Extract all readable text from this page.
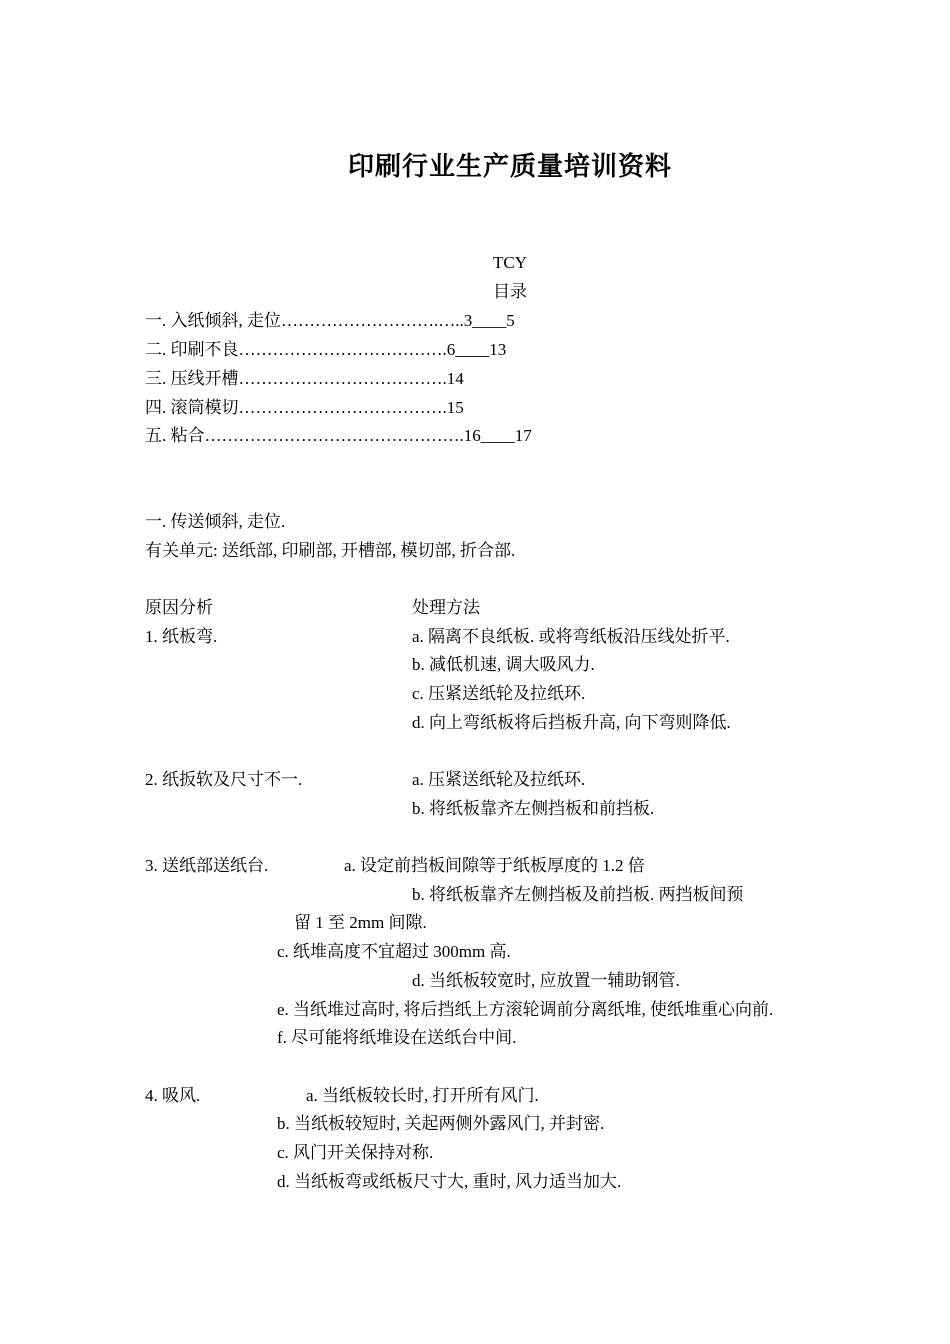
印刷行业生产质量培训资料
TCY
目录
一. 入纸倾斜, 走位……………………….…..3____5
二. 印刷不良……………………………….6____13
三. 压线开槽……………………………….14
四. 滚筒模切……………………………….15
五. 粘合……………………………………….16____17
一. 传送倾斜, 走位.
有关单元: 送纸部, 印刷部, 开槽部, 模切部, 折合部.
原因分析	处理方法
1. 纸板弯.	a. 隔离不良纸板. 或将弯纸板沿压线处折平.
b. 减低机速, 调大吸风力.
c. 压紧送纸轮及拉纸环.
d. 向上弯纸板将后挡板升高, 向下弯则降低.
2. 纸扳软及尺寸不一.	a. 压紧送纸轮及拉纸环.
b. 将纸板靠齐左侧挡板和前挡板.
3. 送纸部送纸台.	a. 设定前挡板间隙等于纸板厚度的 1.2 倍
b. 将纸板靠齐左侧挡板及前挡板. 两挡板间预
留 1 至 2mm 间隙.
c. 纸堆高度不宜超过 300mm 高.
d. 当纸板较宽时, 应放置一辅助钢管.
e. 当纸堆过高时, 将后挡纸上方滚轮调前分离纸堆, 使纸堆重心向前.
f. 尽可能将纸堆设在送纸台中间.
4. 吸风.	a. 当纸板较长时, 打开所有风门.
b. 当纸板较短时, 关起两侧外露风门, 并封密.
c. 风门开关保持对称.
d. 当纸板弯或纸板尺寸大, 重时, 风力适当加大.
